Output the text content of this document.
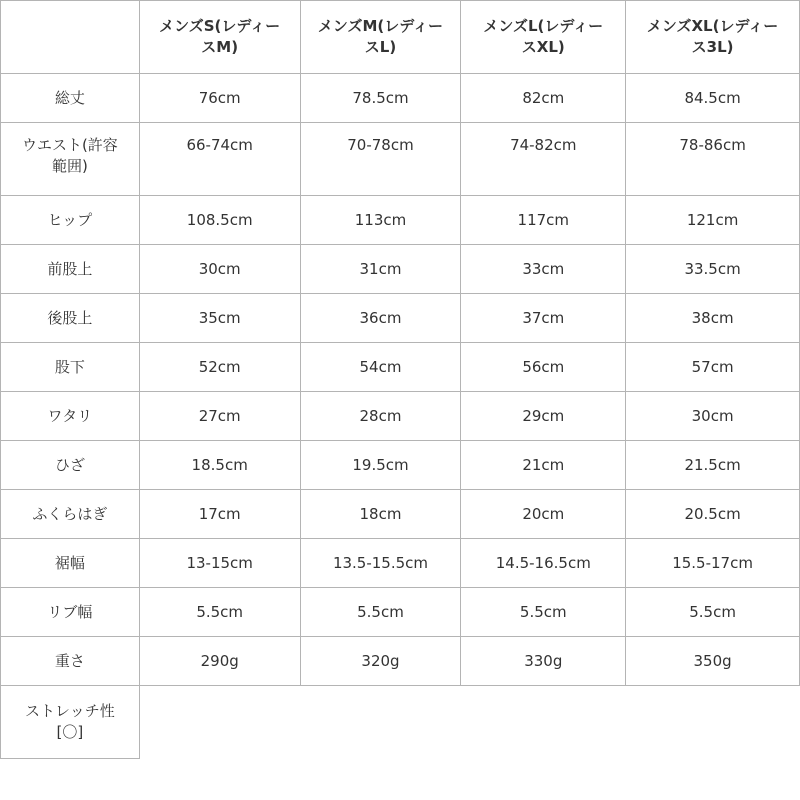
	メンズS(レディー
スM)	メンズM(レディー
スL)	メンズL(レディー
スXL)	メンズXL(レディー
ス3L)
総丈	76cm	78.5cm	82cm	84.5cm
ウエスト(許容
範囲)	66-74cm	70-78cm	74-82cm	78-86cm
ヒップ	108.5cm	113cm	117cm	121cm
前股上	30cm	31cm	33cm	33.5cm
後股上	35cm	36cm	37cm	38cm
股下	52cm	54cm	56cm	57cm
ワタリ	27cm	28cm	29cm	30cm
ひざ	18.5cm	19.5cm	21cm	21.5cm
ふくらはぎ	17cm	18cm	20cm	20.5cm
裾幅	13-15cm	13.5-15.5cm	14.5-16.5cm	15.5-17cm
リブ幅	5.5cm	5.5cm	5.5cm	5.5cm
重さ	290g	320g	330g	350g
ストレッチ性
[〇]				
